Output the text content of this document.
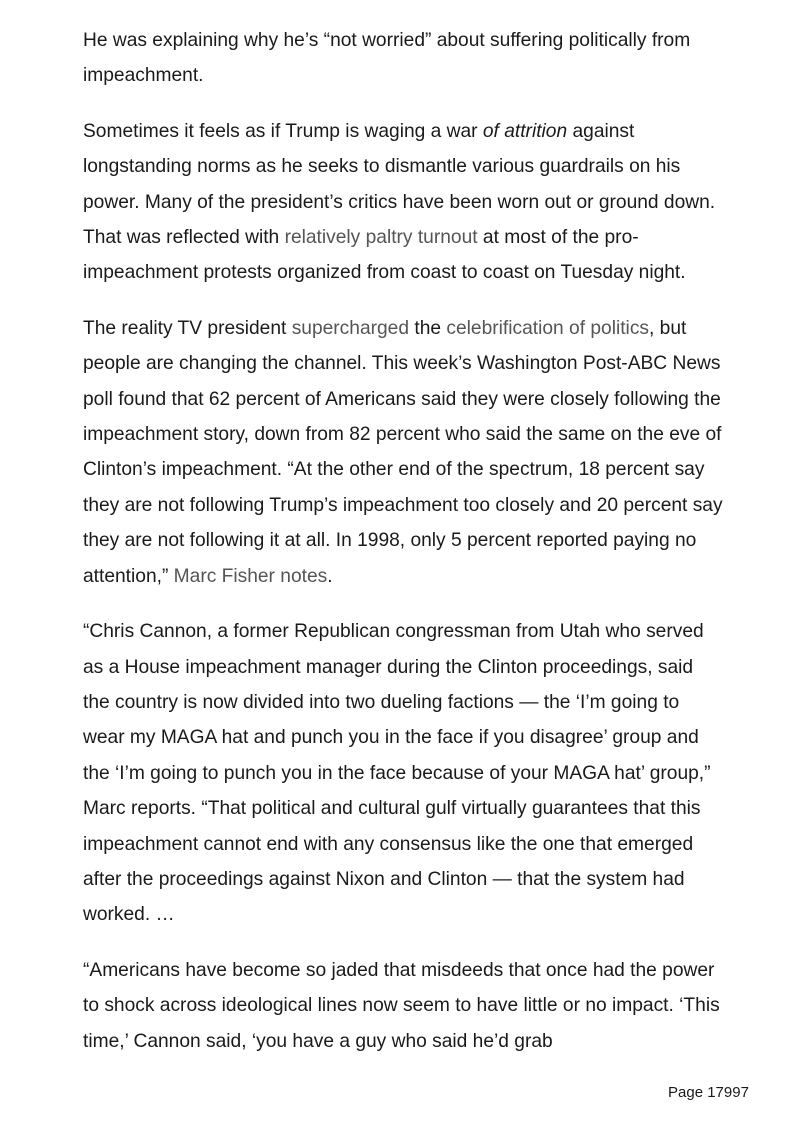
He was explaining why he’s “not worried” about suffering politically from impeachment.

Sometimes it feels as if Trump is waging a war of attrition against longstanding norms as he seeks to dismantle various guardrails on his power. Many of the president’s critics have been worn out or ground down. That was reflected with relatively paltry turnout at most of the pro-impeachment protests organized from coast to coast on Tuesday night.

The reality TV president supercharged the celebrification of politics, but people are changing the channel. This week’s Washington Post-ABC News poll found that 62 percent of Americans said they were closely following the impeachment story, down from 82 percent who said the same on the eve of Clinton’s impeachment. “At the other end of the spectrum, 18 percent say they are not following Trump’s impeachment too closely and 20 percent say they are not following it at all. In 1998, only 5 percent reported paying no attention,” Marc Fisher notes.

“Chris Cannon, a former Republican congressman from Utah who served as a House impeachment manager during the Clinton proceedings, said the country is now divided into two dueling factions — the ‘I’m going to wear my MAGA hat and punch you in the face if you disagree’ group and the ‘I’m going to punch you in the face because of your MAGA hat’ group,” Marc reports. “That political and cultural gulf virtually guarantees that this impeachment cannot end with any consensus like the one that emerged after the proceedings against Nixon and Clinton — that the system had worked. …

“Americans have become so jaded that misdeeds that once had the power to shock across ideological lines now seem to have little or no impact. ‘This time,’ Cannon said, ‘you have a guy who said he’d grab

Page 17997
